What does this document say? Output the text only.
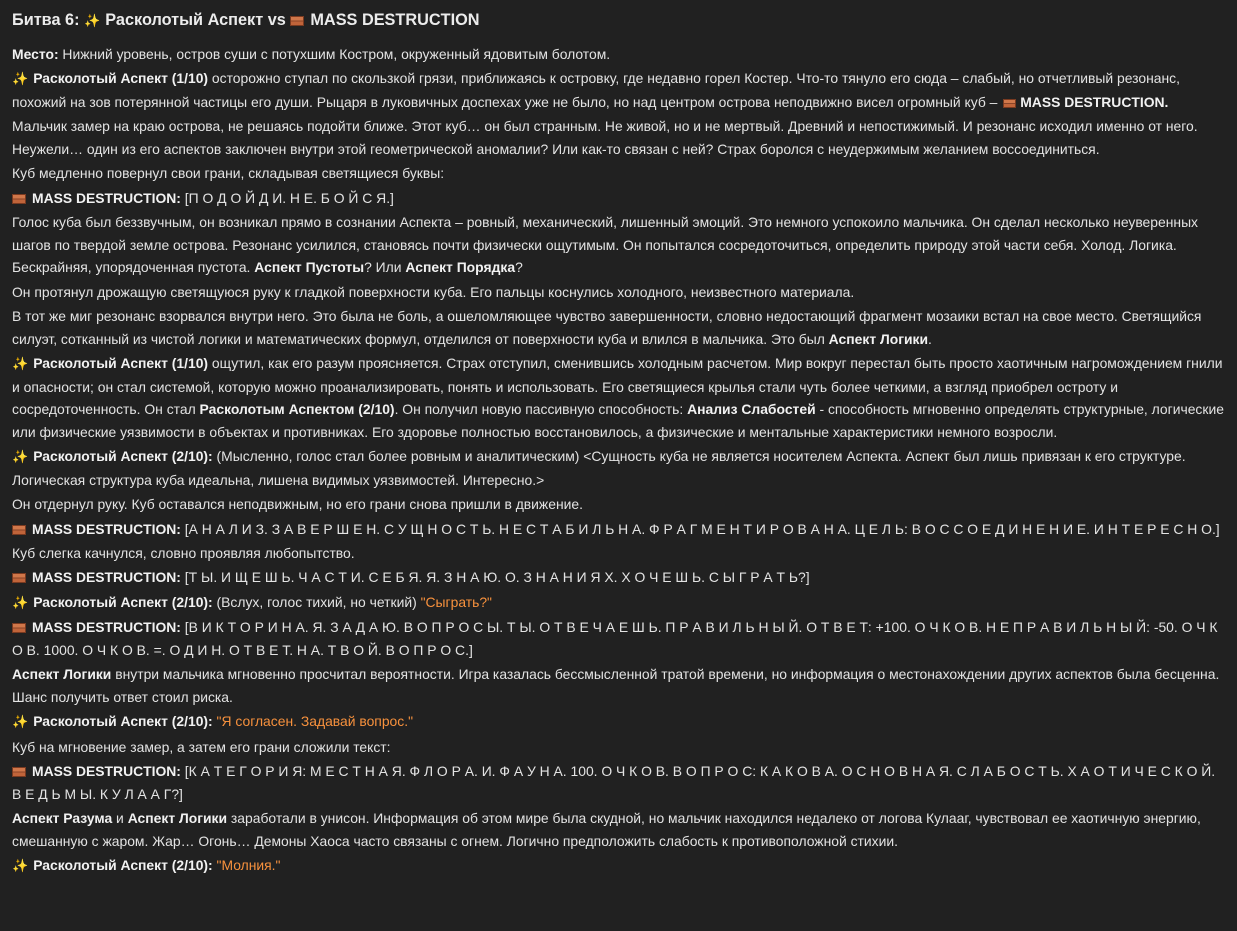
Битва 6: ✨ Расколотый Аспект vs MASS DESTRUCTION

Место: Нижний уровень, остров суши с потухшим Костром, окруженный ядовитым болотом.

✨ Расколотый Аспект (1/10) осторожно ступал по скользкой грязи, приближаясь к островку, где недавно горел Костер. Что-то тянуло его сюда – слабый, но отчетливый резонанс, похожий на зов потерянной частицы его души. Рыцаря в луковичных доспехах уже не было, но над центром острова неподвижно висел огромный куб – MASS DESTRUCTION.

Мальчик замер на краю острова, не решаясь подойти ближе. Этот куб… он был странным. Не живой, но и не мертвый. Древний и непостижимый. И резонанс исходил именно от него. Неужели… один из его аспектов заключен внутри этой геометрической аномалии? Или как-то связан с ней? Страх боролся с неудержимым желанием воссоединиться.

Куб медленно повернул свои грани, складывая светящиеся буквы:

MASS DESTRUCTION: [П О Д О Й Д И. Н Е. Б О Й С Я.]

Голос куба был беззвучным, он возникал прямо в сознании Аспекта – ровный, механический, лишенный эмоций. Это немного успокоило мальчика. Он сделал несколько неуверенных шагов по твердой земле острова. Резонанс усилился, становясь почти физически ощутимым. Он попытался сосредоточиться, определить природу этой части себя. Холод. Логика. Бескрайняя, упорядоченная пустота. Аспект Пустоты? Или Аспект Порядка?

Он протянул дрожащую светящуюся руку к гладкой поверхности куба. Его пальцы коснулись холодного, неизвестного материала.

В тот же миг резонанс взорвался внутри него. Это была не боль, а ошеломляющее чувство завершенности, словно недостающий фрагмент мозаики встал на свое место. Светящийся силуэт, сотканный из чистой логики и математических формул, отделился от поверхности куба и влился в мальчика. Это был Аспект Логики.

✨ Расколотый Аспект (1/10) ощутил, как его разум проясняется. Страх отступил, сменившись холодным расчетом. Мир вокруг перестал быть просто хаотичным нагромождением гнили и опасности; он стал системой, которую можно проанализировать, понять и использовать. Его светящиеся крылья стали чуть более четкими, а взгляд приобрел остроту и сосредоточенность. Он стал Расколотым Аспектом (2/10). Он получил новую пассивную способность: Анализ Слабостей - способность мгновенно определять структурные, логические или физические уязвимости в объектах и противниках. Его здоровье полностью восстановилось, а физические и ментальные характеристики немного возросли.

✨ Расколотый Аспект (2/10): (Мысленно, голос стал более ровным и аналитическим) <Сущность куба не является носителем Аспекта. Аспект был лишь привязан к его структуре. Логическая структура куба идеальна, лишена видимых уязвимостей. Интересно.>

Он отдернул руку. Куб оставался неподвижным, но его грани снова пришли в движение.

MASS DESTRUCTION: [А Н А Л И З. З А В Е Р Ш Е Н. С У Щ Н О С Т Ь. Н Е С Т А Б И Л Ь Н А. Ф Р А Г М Е Н Т И Р О В А Н А. Ц Е Л Ь: В О С С О Е Д И Н Е Н И Е. И Н Т Е Р Е С Н О.]

Куб слегка качнулся, словно проявляя любопытство.

MASS DESTRUCTION: [Т Ы. И Щ Е Ш Ь. Ч А С Т И. С Е Б Я. Я. З Н А Ю. О. З Н А Н И Я Х. Х О Ч Е Ш Ь. С Ы Г Р А Т Ь?]

✨ Расколотый Аспект (2/10): (Вслух, голос тихий, но четкий) "Сыграть?"

MASS DESTRUCTION: [В И К Т О Р И Н А. Я. З А Д А Ю. В О П Р О С Ы. Т Ы. О Т В Е Ч А Е Ш Ь. П Р А В И Л Ь Н Ы Й. О Т В Е Т: +100. О Ч К О В. Н Е П Р А В И Л Ь Н Ы Й: -50. О Ч К О В. 1000. О Ч К О В. =. О Д И Н. О Т В Е Т. Н А. Т В О Й. В О П Р О С.]

Аспект Логики внутри мальчика мгновенно просчитал вероятности. Игра казалась бессмысленной тратой времени, но информация о местонахождении других аспектов была бесценна. Шанс получить ответ стоил риска.

✨ Расколотый Аспект (2/10): "Я согласен. Задавай вопрос."

Куб на мгновение замер, а затем его грани сложили текст:

MASS DESTRUCTION: [К А Т Е Г О Р И Я: М Е С Т Н А Я. Ф Л О Р А. И. Ф А У Н А. 100. О Ч К О В. В О П Р О С: К А К О В А. О С Н О В Н А Я. С Л А Б О С Т Ь. Х А О Т И Ч Е С К О Й. В Е Д Ь М Ы. К У Л А А Г?]

Аспект Разума и Аспект Логики заработали в унисон. Информация об этом мире была скудной, но мальчик находился недалеко от логова Кулааг, чувствовал ее хаотичную энергию, смешанную с жаром. Жар… Огонь… Демоны Хаоса часто связаны с огнем. Логично предположить слабость к противоположной стихии.

✨ Расколотый Аспект (2/10): "Молния."
